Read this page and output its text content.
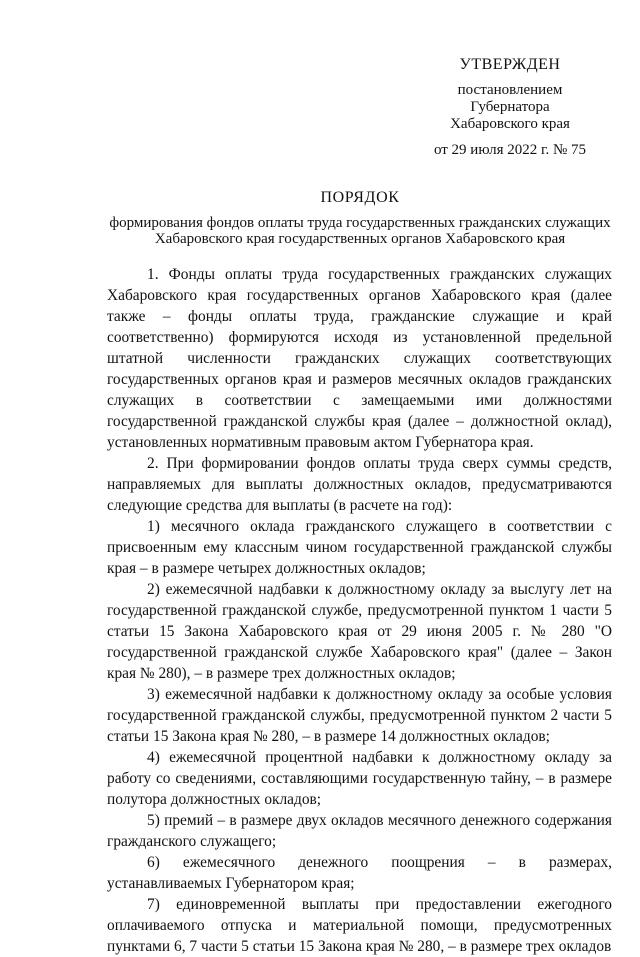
УТВЕРЖДЕН
постановлением
Губернатора
Хабаровского края
от 29 июля 2022 г. № 75
ПОРЯДОК
формирования фондов оплаты труда государственных гражданских служащих Хабаровского края государственных органов Хабаровского края

1. Фонды оплаты труда государственных гражданских служащих Хабаровского края государственных органов Хабаровского края (далее также – фонды оплаты труда, гражданские служащие и край соответственно) формируются исходя из установленной предельной штатной численности гражданских служащих соответствующих государственных органов края и размеров месячных окладов гражданских служащих в соответствии с замещаемыми ими должностями государственной гражданской службы края (далее – должностной оклад), установленных нормативным правовым актом Губернатора края.

2. При формировании фондов оплаты труда сверх суммы средств, направляемых для выплаты должностных окладов, предусматриваются следующие средства для выплаты (в расчете на год):

1) месячного оклада гражданского служащего в соответствии с присвоенным ему классным чином государственной гражданской службы края – в размере четырех должностных окладов;

2) ежемесячной надбавки к должностному окладу за выслугу лет на государственной гражданской службе, предусмотренной пунктом 1 части 5 статьи 15 Закона Хабаровского края от 29 июня 2005 г. № 280 "О государственной гражданской службе Хабаровского края" (далее – Закон края № 280), – в размере трех должностных окладов;

3) ежемесячной надбавки к должностному окладу за особые условия государственной гражданской службы, предусмотренной пунктом 2 части 5 статьи 15 Закона края № 280, – в размере 14 должностных окладов;

4) ежемесячной процентной надбавки к должностному окладу за работу со сведениями, составляющими государственную тайну, – в размере полутора должностных окладов;

5) премий – в размере двух окладов месячного денежного содержания гражданского служащего;

6) ежемесячного денежного поощрения – в размерах, устанавливаемых Губернатором края;

7) единовременной выплаты при предоставлении ежегодного оплачиваемого отпуска и материальной помощи, предусмотренных пунктами 6, 7 части 5 статьи 15 Закона края № 280, – в размере трех окладов
